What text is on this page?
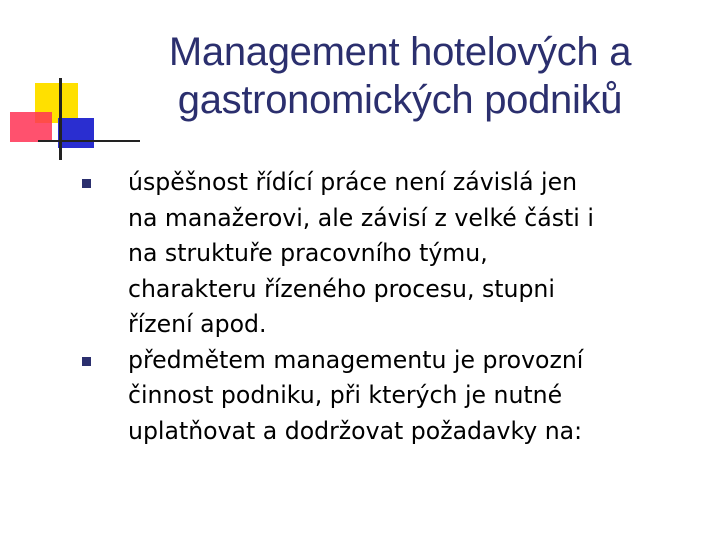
Management hotelových a
gastronomických podniků
úspěšnost řídící práce není závislá jen
na manažerovi, ale závisí z velké části i
na struktuře pracovního týmu,
charakteru řízeného procesu, stupni
řízení apod.
předmětem managementu je provozní
činnost podniku, při kterých je nutné
uplatňovat a dodržovat požadavky na:
